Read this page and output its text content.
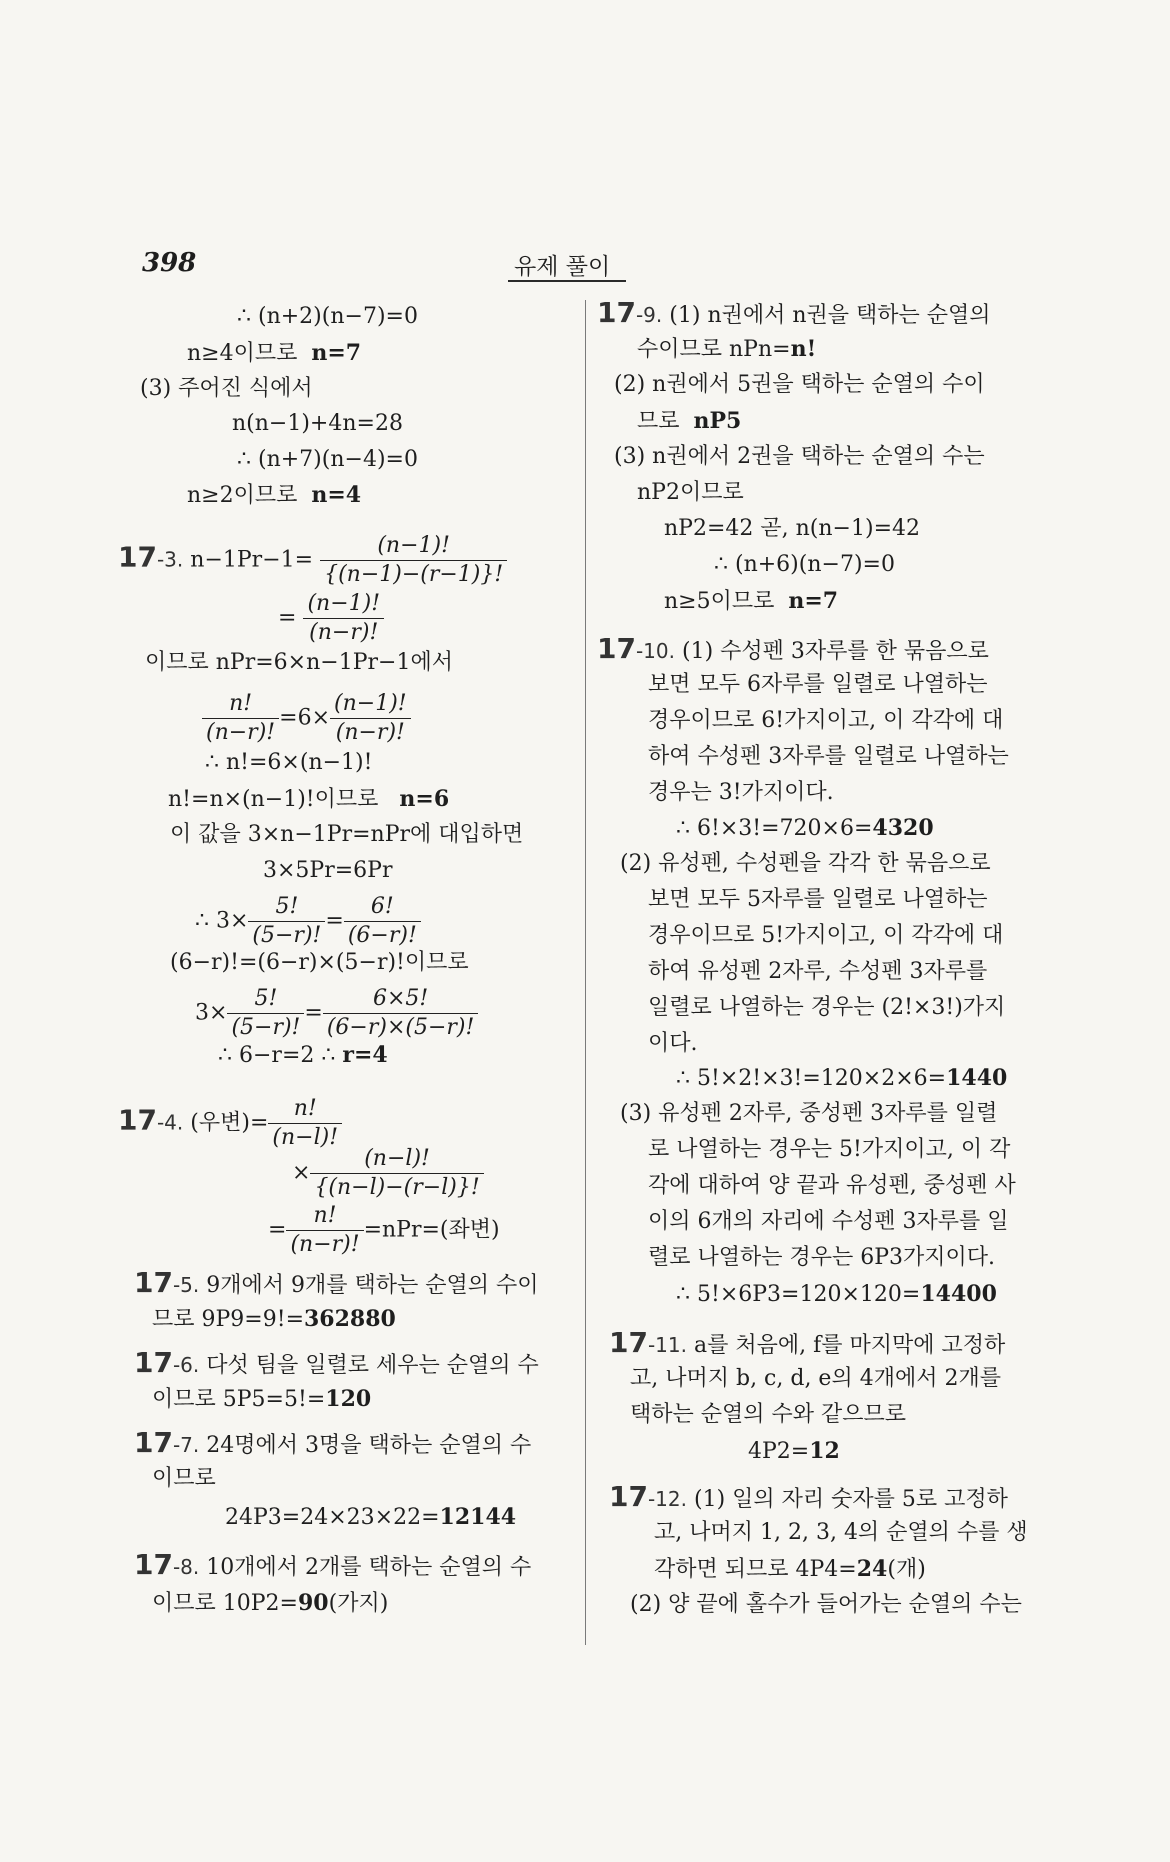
398	유제 풀이
∴ (n+2)(n−7)=0
n≥4이므로 n=7
(3) 주어진 식에서
n(n−1)+4n=28
∴ (n+7)(n−4)=0
n≥2이므로 n=4
17-3. $n-1Pr-1= \frac{(n-1)!}{\{(n-1)-(r-1)\}!}$
= $\frac{(n-1)!}{(n-r)!}$
이므로 nPr=6×n−1Pr−1에서
$\frac{n!}{(n-r)!} =6\times \frac{(n-1)!}{(n-r)!}$
∴ n!=6×(n−1)!
n!=n×(n−1)!이므로 n=6
이 값을 3×n−1Pr=nPr에 대입하면
3×5Pr=6Pr
∴ $3\times \frac{5!}{(5-r)!} = \frac{6!}{(6-r)!}$
(6−r)!=(6−r)×(5−r)!이므로
$3\times \frac{5!}{(5-r)!} = \frac{6\times 5!}{(6-r)\times(5-r)!}$
∴ 6−r=2 ∴ r=4
17-4. (우변)= $\frac{n!}{(n-l)!}$
× $\frac{(n-l)!}{\{(n-l)-(r-l)\}!}$
= $\frac{n!}{(n-r)!} =nPr=$(좌변)
17-5. 9개에서 9개를 택하는 순열의 수이
므로 9P9=9!=362880
17-6. 다섯 팀을 일렬로 세우는 순열의 수
이므로 5P5=5!=120
17-7. 24명에서 3명을 택하는 순열의 수
이므로
24P3=24×23×22=12144
17-8. 10개에서 2개를 택하는 순열의 수
이므로 10P2=90(가지)
17-9. (1) n권에서 n권을 택하는 순열의
수이므로 nPn=n!
(2) n권에서 5권을 택하는 순열의 수이
므로 nP5
(3) n권에서 2권을 택하는 순열의 수는
nP2이므로
nP2=42 곧, n(n−1)=42
∴ (n+6)(n−7)=0
n≥5이므로 n=7
17-10. (1) 수성펜 3자루를 한 묶음으로
보면 모두 6자루를 일렬로 나열하는
경우이므로 6!가지이고, 이 각각에 대
하여 수성펜 3자루를 일렬로 나열하는
경우는 3!가지이다.
∴ 6!×3!=720×6=4320
(2) 유성펜, 수성펜을 각각 한 묶음으로
보면 모두 5자루를 일렬로 나열하는
경우이므로 5!가지이고, 이 각각에 대
하여 유성펜 2자루, 수성펜 3자루를
일렬로 나열하는 경우는 (2!×3!)가지
이다.
∴ 5!×2!×3!=120×2×6=1440
(3) 유성펜 2자루, 중성펜 3자루를 일렬
로 나열하는 경우는 5!가지이고, 이 각
각에 대하여 양 끝과 유성펜, 중성펜 사
이의 6개의 자리에 수성펜 3자루를 일
렬로 나열하는 경우는 6P3가지이다.
∴ 5!×6P3=120×120=14400
17-11. a를 처음에, f를 마지막에 고정하
고, 나머지 b, c, d, e의 4개에서 2개를
택하는 순열의 수와 같으므로
4P2=12
17-12. (1) 일의 자리 숫자를 5로 고정하
고, 나머지 1, 2, 3, 4의 순열의 수를 생
각하면 되므로 4P4=24(개)
(2) 양 끝에 홀수가 들어가는 순열의 수는
